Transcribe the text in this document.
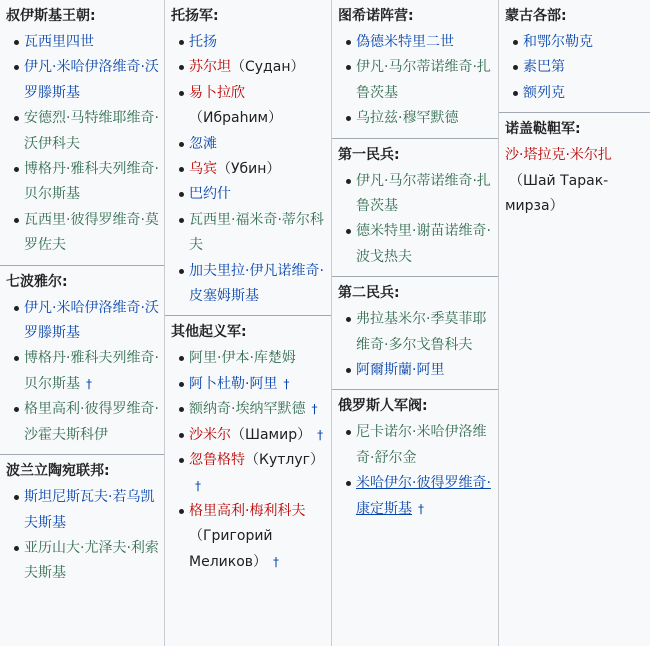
叔伊斯基王朝:
瓦西里四世
伊凡·米哈伊洛维奇·沃罗滕斯基
安德烈·马特维耶维奇·沃伊科夫
博格丹·雅科夫列维奇·贝尔斯基
瓦西里·彼得罗维奇·莫罗佐夫
七波雅尔:
伊凡·米哈伊洛维奇·沃罗滕斯基
博格丹·雅科夫列维奇·贝尔斯基 †
格里高利·彼得罗维奇·沙霍夫斯科伊
波兰立陶宛联邦:
斯坦尼斯瓦夫·若乌凯夫斯基
亚历山大·尤泽夫·利索夫斯基
托扬军:
托扬
苏尔坦（Судан）
易卜拉欣（Ибраhим）
忽滩
乌宾（Убин）
巴约什
瓦西里·福米奇·蒂尔科夫
加夫里拉·伊凡诺维奇·皮塞姆斯基
其他起义军:
阿里·伊本·库楚姆
阿卜杜勒·阿里 †
额纳奇·埃纳罕默德 †
沙米尔（Шамир） †
忽鲁格特（Кутлуг）†
格里高利·梅利科夫（Григорий Меликов） †
图希诺阵营:
偽德米特里二世
伊凡·马尔蒂诺维奇·扎鲁茨基
乌拉兹·穆罕默德
第一民兵:
伊凡·马尔蒂诺维奇·扎鲁茨基
德米特里·谢苗诺维奇·波戈热夫
第二民兵:
弗拉基米尔·季莫菲耶维奇·多尔戈鲁科夫
阿爾斯蘭·阿里
俄罗斯人军阀:
尼卡诺尔·米哈伊洛维奇·舒尔金
米哈伊尔·彼得罗维奇·康定斯基 †
蒙古各部:
和鄂尔勒克
素巴第
额列克
诺盖鞑靼军:
沙·塔拉克·米尔扎（Шай Тарак-мирза）
